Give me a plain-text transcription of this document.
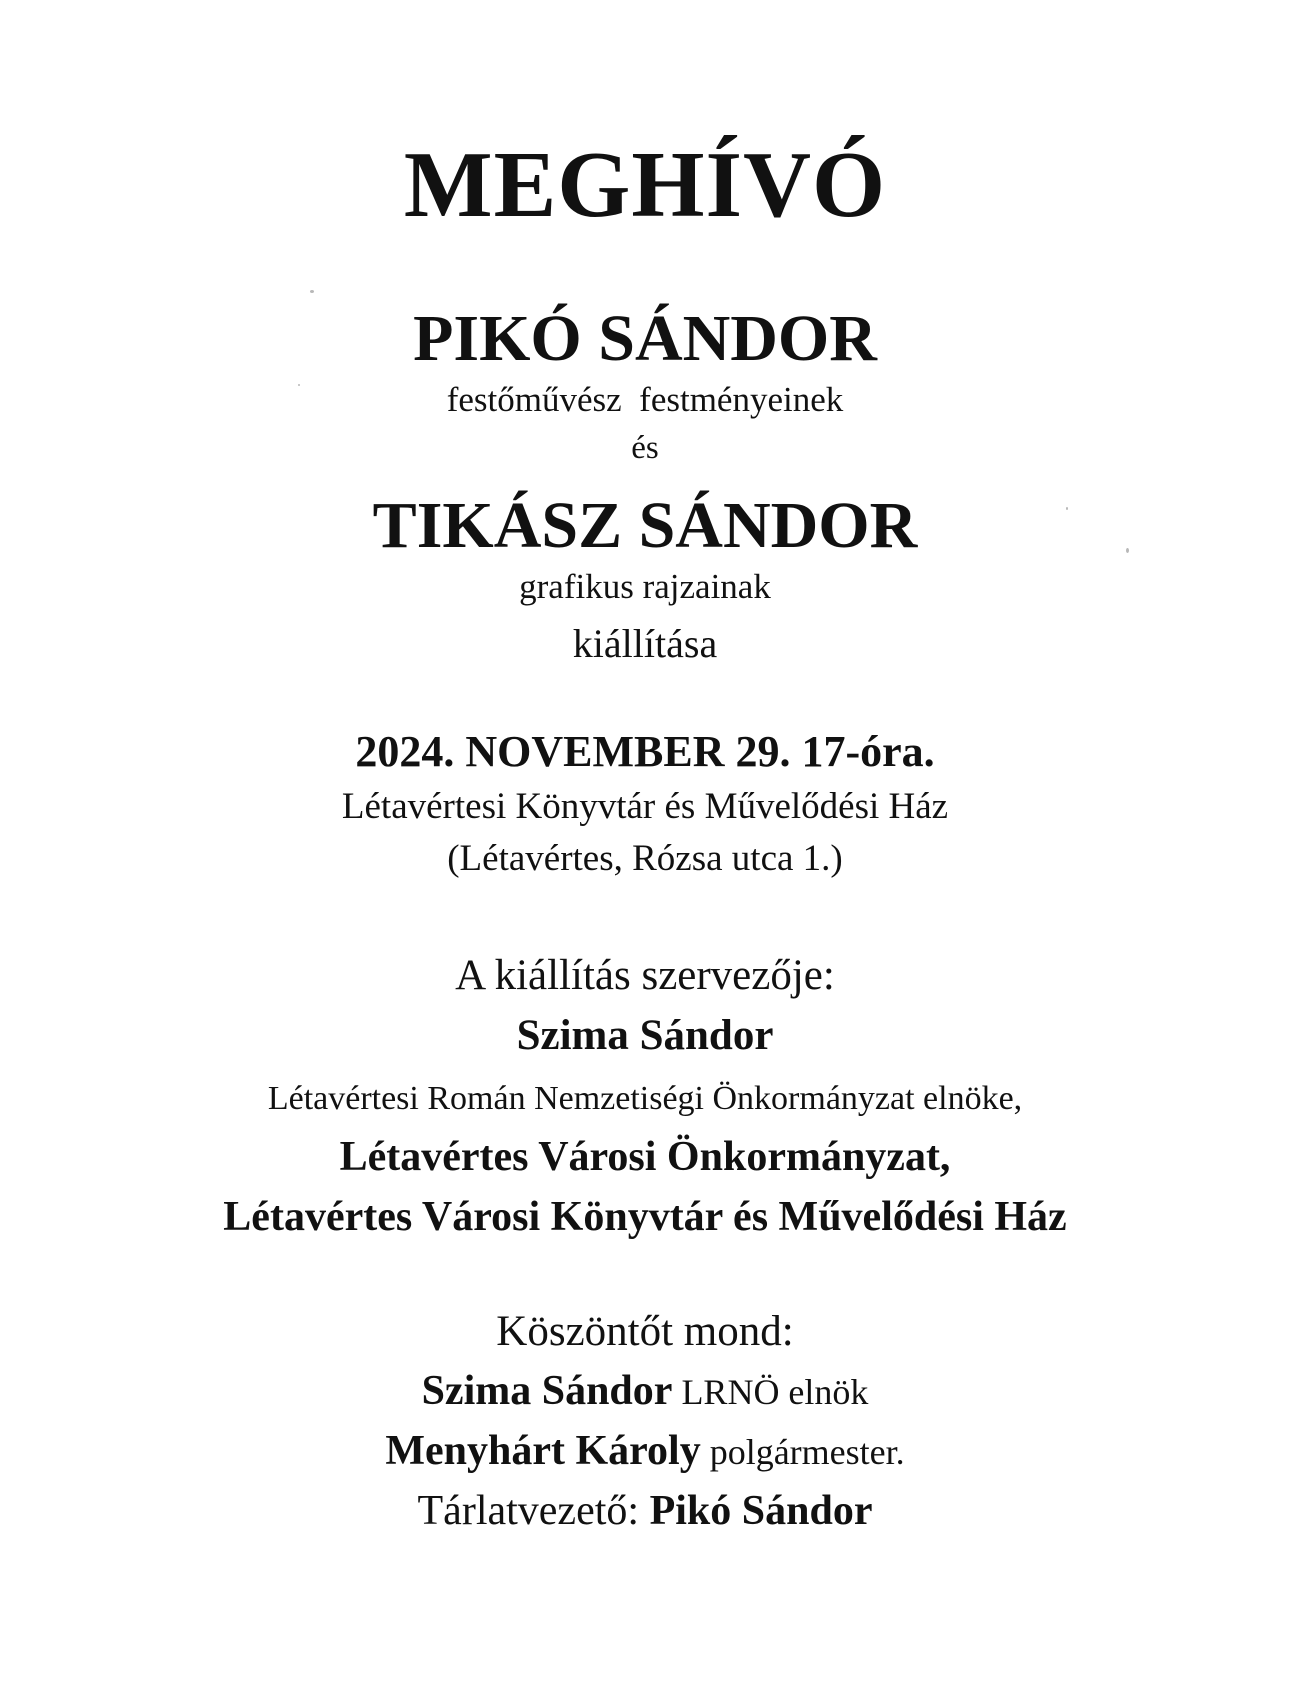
MEGHÍVÓ
PIKÓ SÁNDOR
festőművész  festményeinek
és
TIKÁSZ SÁNDOR
grafikus rajzainak
kiállítása
2024. NOVEMBER 29. 17-óra.
Létavértesi Könyvtár és Művelődési Ház
(Létavértes, Rózsa utca 1.)
A kiállítás szervezője:
Szima Sándor
Létavértesi Román Nemzetiségi Önkormányzat elnöke,
Létavértes Városi Önkormányzat,
Létavértes Városi Könyvtár és Művelődési Ház
Köszöntőt mond:
Szima Sándor LRNÖ elnök
Menyhárt Károly polgármester.
Tárlatvezető: Pikó Sándor
